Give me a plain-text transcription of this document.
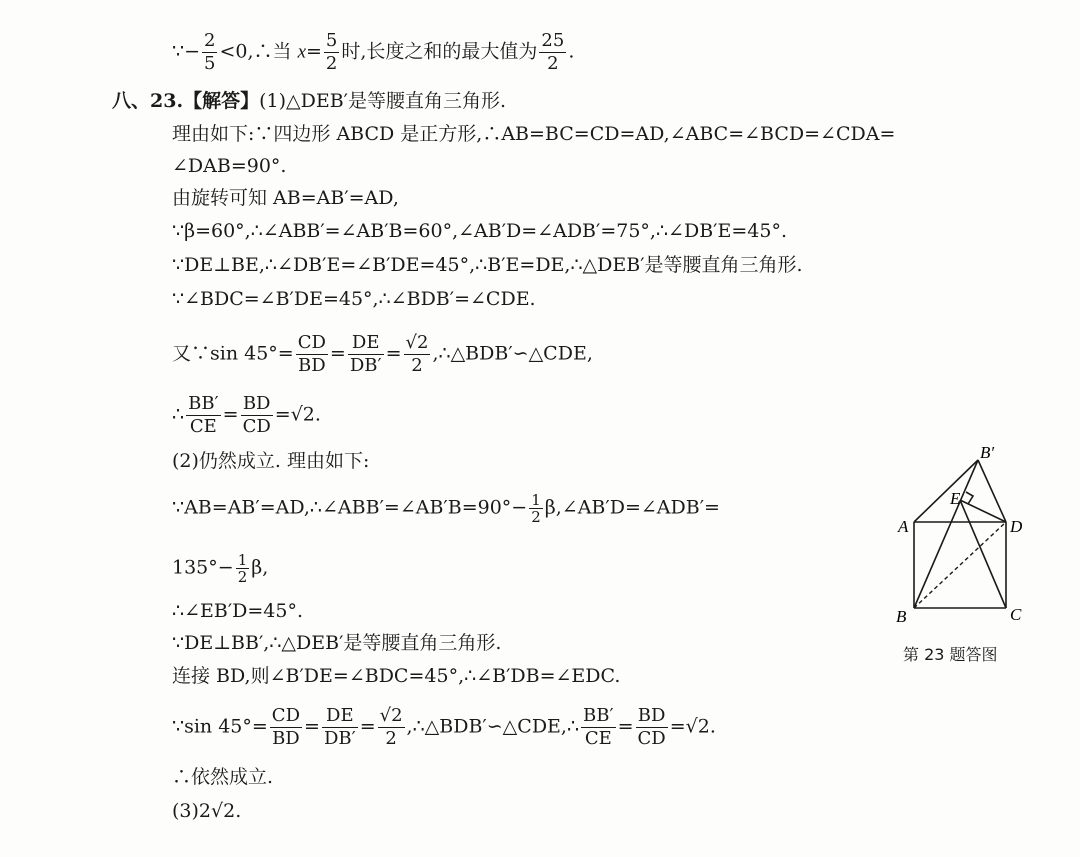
∵− $\frac{2}{5}$ <0,∴当 $x= \frac{5}{2}$ 时,长度之和的最大值为 $\frac{25}{2}$ .
八、23.【解答】(1)△DEB′是等腰直角三角形.
理由如下:∵四边形 ABCD 是正方形,∴AB=BC=CD=AD,∠ABC=∠BCD=∠CDA=
∠DAB=90°.
由旋转可知 AB=AB′=AD,
∵β=60°,∴∠ABB′=∠AB′B=60°,∠AB′D=∠ADB′=75°,∴∠DB′E=45°.
∵DE⊥BE,∴∠DB′E=∠B′DE=45°,∴B′E=DE,∴△DEB′是等腰直角三角形.
∵∠BDC=∠B′DE=45°,∴∠BDB′=∠CDE.
又∵sin $45^\circ= \frac{CD}{BD} = \frac{DE}{DB'} = \frac{√2}{2}$ ,∴△BDB′∽△CDE,
∴ $\frac{BB'}{CE} = \frac{BD}{CD} =√2$.
(2)仍然成立. 理由如下:
∵AB=AB′=AD,∴∠ABB′=∠AB′B=90°− $\frac{1}{2}$ β,∠AB′D=∠ADB′=
$135^\circ- \frac{1}{2} \beta$,
∴∠EB′D=45°.
∵DE⊥BB′,∴△DEB′是等腰直角三角形.
连接 BD,则∠B′DE=∠BDC=45°,∴∠B′DB=∠EDC.
∵sin $45^\circ= \frac{CD}{BD} = \frac{DE}{DB'} = \frac{√2}{2}$ ,∴△BDB′∽△CDE,∴ $\frac{BB'}{CE} = \frac{BD}{CD} =√2$.
∴依然成立.
(3)2√2.
B′
E
A	D
B	C
第 23 题答图
